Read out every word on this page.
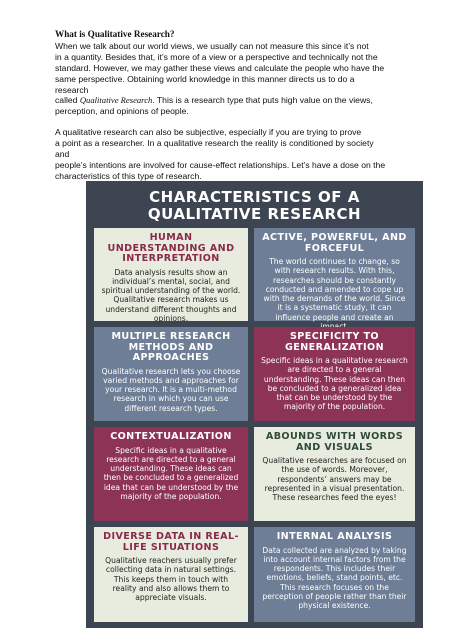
What is Qualitative Research?

When we talk about our world views, we usually can not measure this since it’s not
in a quantity. Besides that, it’s more of a view or a perspective and technically not the
standard. However, we may gather these views and calculate the people who have the
same perspective. Obtaining world knowledge in this manner directs us to do a
research
called Qualitative Research. This is a research type that puts high value on the views,
perception, and opinions of people.

A qualitative research can also be subjective, especially if you are trying to prove
a point as a researcher. In a qualitative research the reality is conditioned by society
and
people’s intentions are involved for cause-effect relationships. Let’s have a dose on the
characteristics of this type of research.

CHARACTERISTICS OF A
QUALITATIVE RESEARCH
HUMAN UNDERSTANDING AND INTERPRETATION
Data analysis results show an individual’s mental, social, and spiritual understanding of the world. Qualitative research makes us understand different thoughts and opinions.
ACTIVE, POWERFUL, AND FORCEFUL
The world continues to change, so with research results. With this, researches should be constantly conducted and amended to cope up with the demands of the world. Since it is a systematic study, it can influence people and create an
MULTIPLE RESEARCH METHODS AND APPROACHES
Qualitative research lets you choose varied methods and approaches for your research. It is a multi-method research in which you can use different research types.
SPECIFICITY TO GENERALIZATION
Specific ideas in a qualitative research are directed to a general understanding. These ideas can then be concluded to a generalized idea that can be understood by the majority of the population.
CONTEXTUALIZATION
Specific ideas in a qualitative research are directed to a general understanding. These ideas can then be concluded to a generalized idea that can be understood by the majority of the population.
ABOUNDS WITH WORDS AND VISUALS
Qualitative researches are focused on the use of words. Moreover, respondents’ answers may be represented in a visual presentation. These researches feed the eyes!
DIVERSE DATA IN REAL-LIFE SITUATIONS
Qualitative reachers usually prefer collecting data in natural settings. This keeps them in touch with reality and also allows them to appreciate visuals.
INTERNAL ANALYSIS
Data collected are analyzed by taking into account internal factors from the respondents. This includes their emotions, beliefs, stand points, etc. This research focuses on the perception of people rather than their physical existence.
